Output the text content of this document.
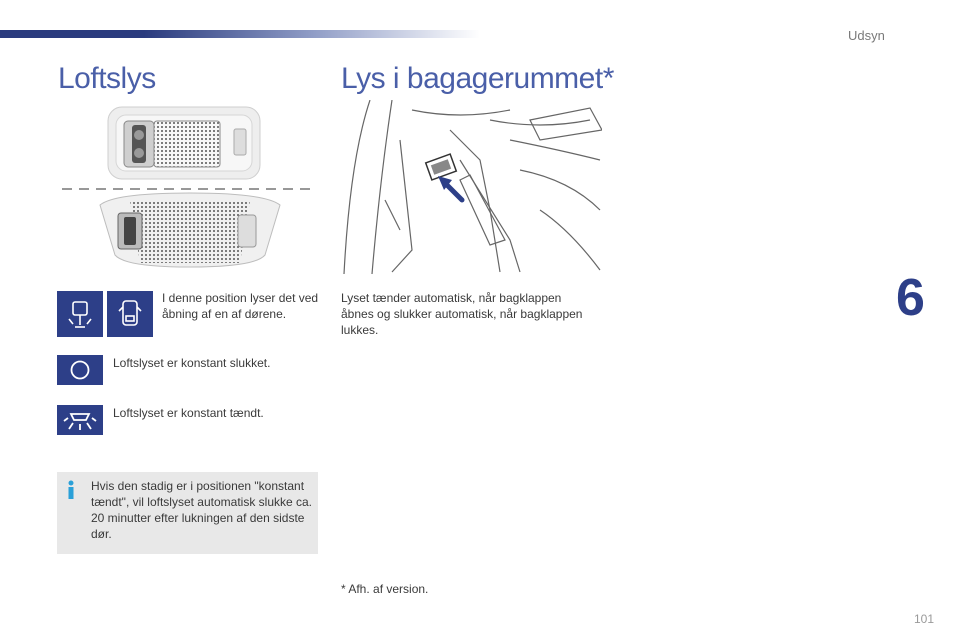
Udsyn
6
Loftslys	Lys i bagagerummet*
I denne position lyser det ved åbning af en af dørene.
Loftslyset er konstant slukket.
Loftslyset er konstant tændt.
Hvis den stadig er i positionen "konstant tændt", vil loftslyset automatisk slukke ca. 20 minutter efter lukningen af den sidste dør.
Lyset tænder automatisk, når bagklappen åbnes og slukker automatisk, når bagklappen lukkes.
* Afh. af version.
101
